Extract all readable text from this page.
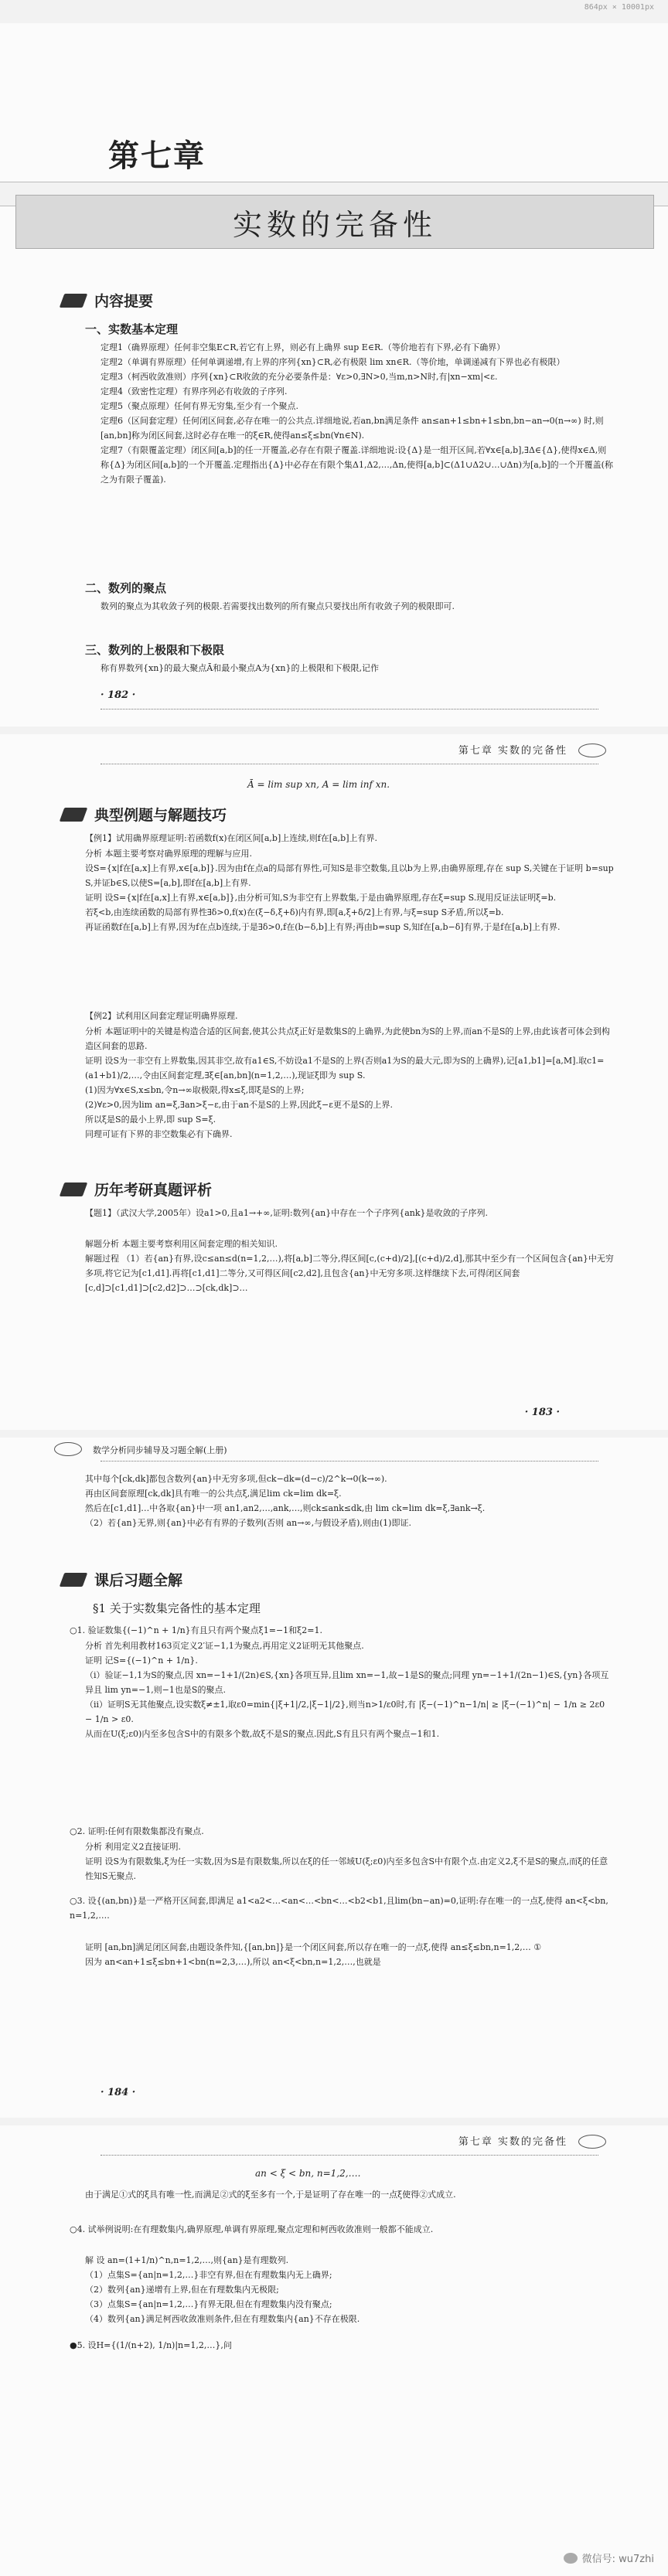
864px × 10001px
第七章
实数的完备性
内容提要
一、实数基本定理
定理1（确界原理）任何非空集E⊂R,若它有上界，则必有上确界 sup E∈R.（等价地若有下界,必有下确界）
定理2（单调有界原理）任何单调递增,有上界的序列{xn}⊂R,必有极限 lim xn∈R.（等价地，单调递减有下界也必有极限）
定理3（柯西收敛准则）序列{xn}⊂R收敛的充分必要条件是：∀ε>0,∃N>0,当m,n>N时,有|xn−xm|<ε.
定理4（致密性定理）有界序列必有收敛的子序列.
定理5（聚点原理）任何有界无穷集,至少有一个聚点.
定理6（区间套定理）任何闭区间套,必存在唯一的公共点.详细地说,若an,bn满足条件 an≤an+1≤bn+1≤bn,bn−an→0(n→∞) 时,则[an,bn]称为闭区间套,这时必存在唯一的ξ∈R,使得an≤ξ≤bn(∀n∈N).
定理7（有限覆盖定理）闭区间[a,b]的任一开覆盖,必存在有限子覆盖.详细地说:设{Δ}是一组开区间,若∀x∈[a,b],∃Δ∈{Δ},使得x∈Δ,则称{Δ}为闭区间[a,b]的一个开覆盖.定理指出{Δ}中必存在有限个集Δ1,Δ2,…,Δn,使得[a,b]⊂(Δ1∪Δ2∪…∪Δn)为[a,b]的一个开覆盖(称之为有限子覆盖).
二、数列的聚点
数列的聚点为其收敛子列的极限.若需要找出数列的所有聚点只要找出所有收敛子列的极限即可.
三、数列的上极限和下极限
称有界数列{xn}的最大聚点Ā和最小聚点A为{xn}的上极限和下极限,记作
· 182 ·
第七章 实数的完备性
Ā = lim sup xn, A = lim inf xn.
典型例题与解题技巧
【例1】试用确界原理证明:若函数f(x)在闭区间[a,b]上连续,则f在[a,b]上有界.
分析 本题主要考察对确界原理的理解与应用.
设S={x|f在[a,x]上有界,x∈[a,b]}.因为由f在点a的局部有界性,可知S是非空数集,且以b为上界,由确界原理,存在 sup S,关键在于证明 b=sup S,并证b∈S,以使S=[a,b],即f在[a,b]上有界.
证明 设S={x|f在[a,x]上有界,x∈[a,b]},由分析可知,S为非空有上界数集,于是由确界原理,存在ξ=sup S.现用反证法证明ξ=b.
若ξ<b,由连续函数的局部有界性∃δ>0,f(x)在(ξ−δ,ξ+δ)内有界,即[a,ξ+δ/2]上有界,与ξ=sup S矛盾,所以ξ=b.
再证函数f在[a,b]上有界,因为f在点b连续,于是∃δ>0,f在(b−δ,b]上有界;再由b=sup S,知f在[a,b−δ]有界,于是f在[a,b]上有界.
【例2】试利用区间套定理证明确界原理.
分析 本题证明中的关键是构造合适的区间套,使其公共点ξ正好是数集S的上确界,为此使bn为S的上界,而an不是S的上界,由此该者可体会到构造区间套的思路.
证明 设S为一非空有上界数集,因其非空,故有a1∈S,不妨设a1不是S的上界(否则a1为S的最大元,即为S的上确界),记[a1,b1]=[a,M].取c1=(a1+b1)/2,…,令由区间套定理,∃ξ∈[an,bn](n=1,2,…),现证ξ即为 sup S.
(1)因为∀x∈S,x≤bn,令n→∞取极限,得x≤ξ,即ξ是S的上界;
(2)∀ε>0,因为lim an=ξ,∃an>ξ−ε,由于an不是S的上界,因此ξ−ε更不是S的上界.
所以ξ是S的最小上界,即 sup S=ξ.
同理可证有下界的非空数集必有下确界.
历年考研真题评析
【题1】（武汉大学,2005年）设a1>0,且a1→+∞,证明:数列{an}中存在一个子序列{ank}是收敛的子序列.
解题分析 本题主要考察利用区间套定理的相关知识.
解题过程 （1）若{an}有界,设c≤an≤d(n=1,2,…),将[a,b]二等分,得区间[c,(c+d)/2],[(c+d)/2,d],那其中至少有一个区间包含{an}中无穷多项,将它记为[c1,d1].再将[c1,d1]二等分,又可得区间[c2,d2],且包含{an}中无穷多项.这样继续下去,可得闭区间套[c,d]⊃[c1,d1]⊃[c2,d2]⊃…⊃[ck,dk]⊃…
· 183 ·
数学分析同步辅导及习题全解(上册)
其中每个[ck,dk]都包含数列{an}中无穷多项,但ck−dk=(d−c)/2^k→0(k→∞).
再由区间套原理[ck,dk]具有唯一的公共点ξ,满足lim ck=lim dk=ξ.
然后在[c1,d1]…中各取{an}中一项 an1,an2,…,ank,…,则ck≤ank≤dk,由 lim ck=lim dk=ξ,∃ank→ξ.
（2）若{an}无界,则{an}中必有有界的子数列(否则 an→∞,与假设矛盾),则由(1)即证.
课后习题全解
§1 关于实数集完备性的基本定理
○1. 验证数集{(−1)^n + 1/n}有且只有两个聚点ξ1=−1和ξ2=1.
分析 首先利用教材163页定义2′证−1,1为聚点,再用定义2证明无其他聚点.
证明 记S={(−1)^n + 1/n}.
（i）验证−1,1为S的聚点,因 xn=−1+1/(2n)∈S,{xn}各项互异,且lim xn=−1,故−1是S的聚点;同理 yn=−1+1/(2n−1)∈S,{yn}各项互异且 lim yn=−1,则−1也是S的聚点.
（ii）证明S无其他聚点,设实数ξ≠±1,取ε0=min{|ξ+1|/2,|ξ−1|/2},则当n>1/ε0时,有 |ξ−(−1)^n−1/n| ≥ |ξ−(−1)^n| − 1/n ≥ 2ε0 − 1/n > ε0.
从而在U(ξ;ε0)内至多包含S中的有限多个数,故ξ不是S的聚点.因此,S有且只有两个聚点−1和1.
○2. 证明:任何有限数集都没有聚点.
分析 利用定义2直接证明.
证明 设S为有限数集,ξ为任一实数,因为S是有限数集,所以在ξ的任一邻域U(ξ;ε0)内至多包含S中有限个点.由定义2,ξ不是S的聚点,而ξ的任意性知S无聚点.
○3. 设{(an,bn)}是一严格开区间套,即满足 a1<a2<…<an<…<bn<…<b2<b1,且lim(bn−an)=0,证明:存在唯一的一点ξ,使得 an<ξ<bn, n=1,2,….
证明 [an,bn]满足闭区间套,由题设条件知,{[an,bn]}是一个闭区间套,所以存在唯一的一点ξ,使得 an≤ξ≤bn,n=1,2,… ①
因为 an<an+1≤ξ≤bn+1<bn(n=2,3,…),所以 an<ξ<bn,n=1,2,…,也就是
· 184 ·
第七章 实数的完备性
an < ξ < bn, n=1,2,….
由于满足①式的ξ具有唯一性,而满足②式的ξ至多有一个,于是证明了存在唯一的一点ξ使得②式成立.
○4. 试举例说明:在有理数集内,确界原理,单调有界原理,聚点定理和柯西收敛准则一般都不能成立.
解 设 an=(1+1/n)^n,n=1,2,…,则{an}是有理数列.
（1）点集S={an|n=1,2,…}非空有界,但在有理数集内无上确界;
（2）数列{an}递增有上界,但在有理数集内无极限;
（3）点集S={an|n=1,2,…}有界无限,但在有理数集内没有聚点;
（4）数列{an}满足柯西收敛准则条件,但在有理数集内{an}不存在极限.
●5. 设H={(1/(n+2), 1/n)|n=1,2,…},问
微信号: wu7zhi
